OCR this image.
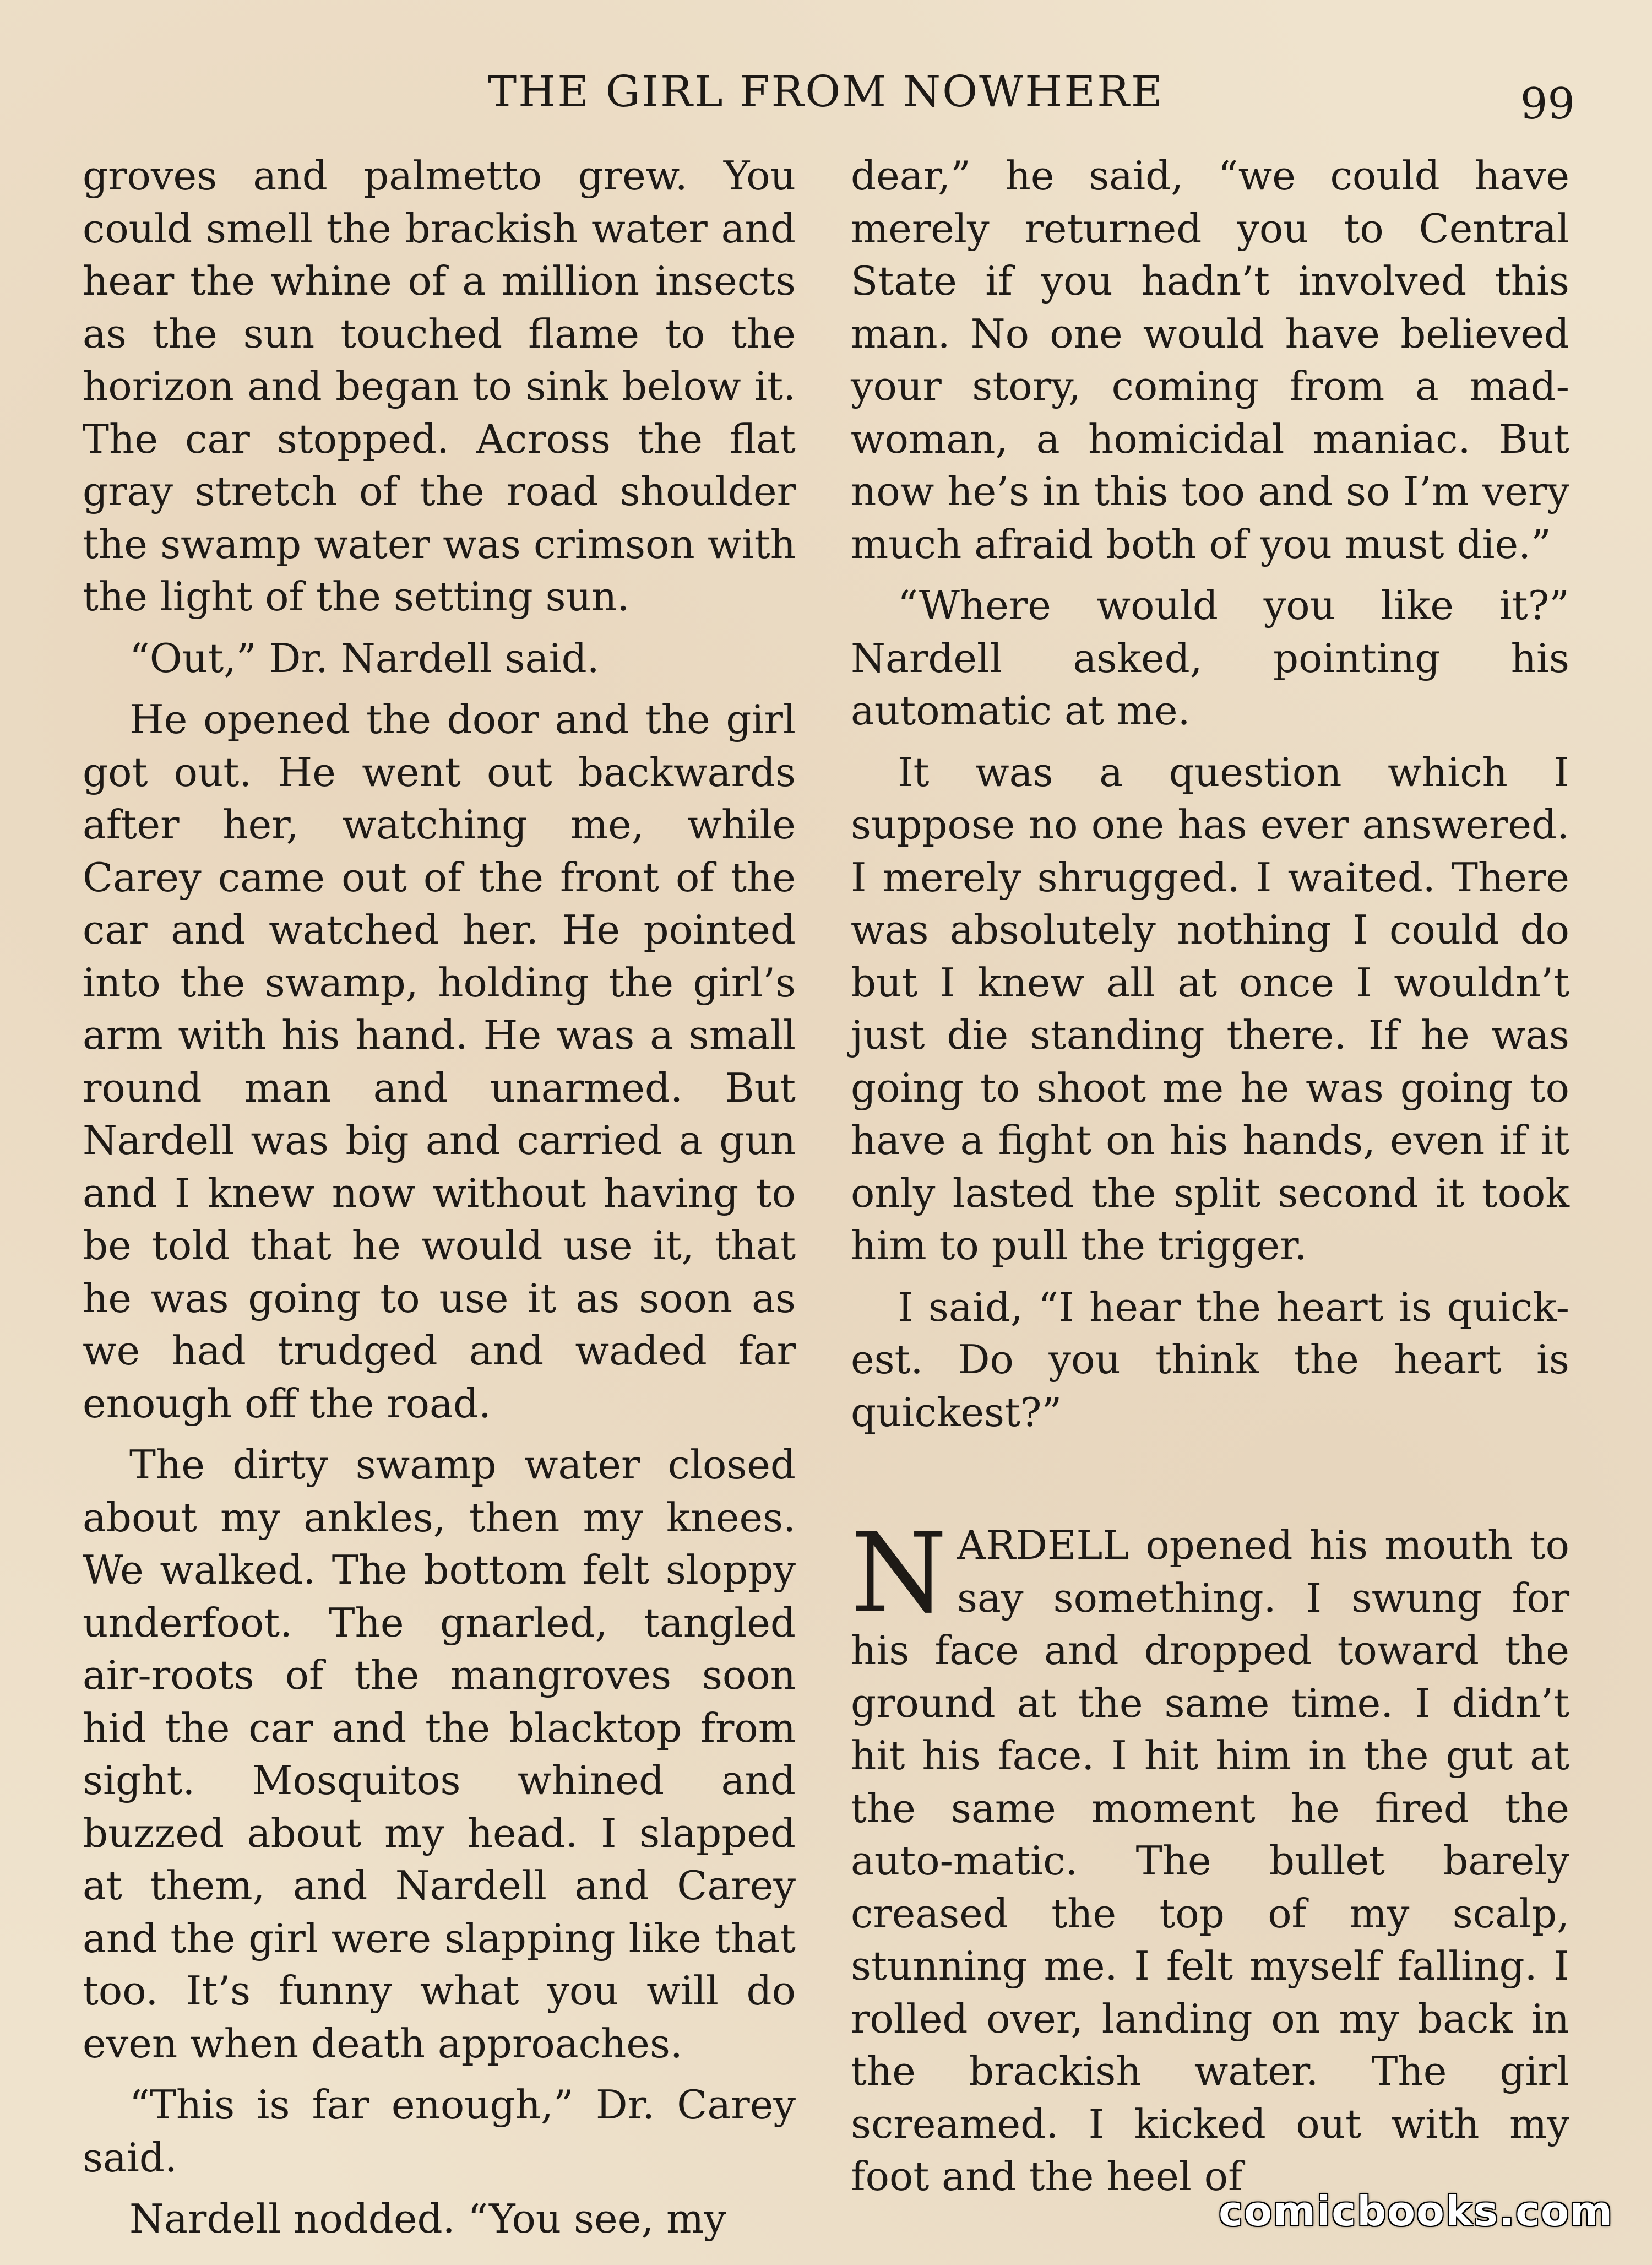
THE GIRL FROM NOWHERE	99

groves and palmetto grew. You could smell the brackish water and hear the whine of a million insects as the sun touched flame to the horizon and began to sink below it. The car stopped. Across the flat gray stretch of the road shoulder the swamp water was crimson with the light of the setting sun.

“Out,” Dr. Nardell said.

He opened the door and the girl got out. He went out backwards after her, watching me, while Carey came out of the front of the car and watched her. He pointed into the swamp, holding the girl’s arm with his hand. He was a small round man and unarmed. But Nardell was big and carried a gun and I knew now without having to be told that he would use it, that he was going to use it as soon as we had trudged and waded far enough off the road.

The dirty swamp water closed about my ankles, then my knees. We walked. The bottom felt sloppy underfoot. The gnarled, tangled air-roots of the mangroves soon hid the car and the blacktop from sight. Mosquitos whined and buzzed about my head. I slapped at them, and Nardell and Carey and the girl were slapping like that too. It’s funny what you will do even when death approaches.

“This is far enough,” Dr. Carey said.

Nardell nodded. “You see, my

dear,” he said, “we could have merely returned you to Central State if you hadn’t involved this man. No one would have believed your story, coming from a mad-woman, a homicidal maniac. But now he’s in this too and so I’m very much afraid both of you must die.”

“Where would you like it?” Nardell asked, pointing his automatic at me.

It was a question which I suppose no one has ever answered. I merely shrugged. I waited. There was absolutely nothing I could do but I knew all at once I wouldn’t just die standing there. If he was going to shoot me he was going to have a fight on his hands, even if it only lasted the split second it took him to pull the trigger.

I said, “I hear the heart is quick-est. Do you think the heart is quickest?”

NARDELL opened his mouth to say something. I swung for his face and dropped toward the ground at the same time. I didn’t hit his face. I hit him in the gut at the same moment he fired the auto-matic. The bullet barely creased the top of my scalp, stunning me. I felt myself falling. I rolled over, landing on my back in the brackish water. The girl screamed. I kicked out with my foot and the heel of

comicbooks.com
